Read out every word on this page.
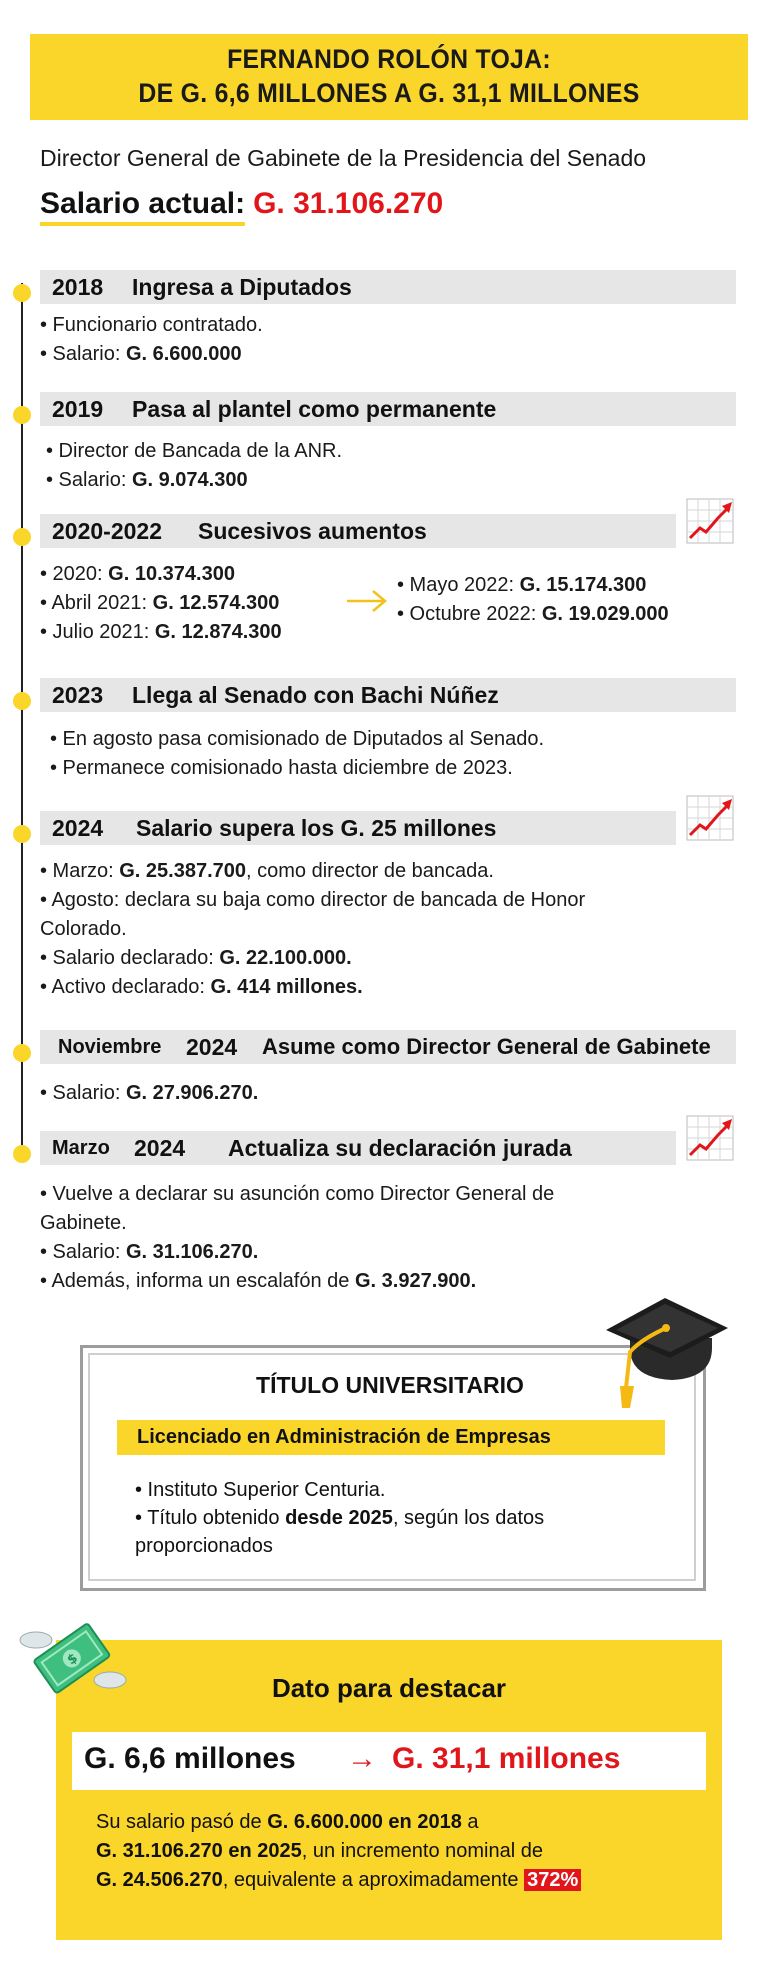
FERNANDO ROLÓN TOJA:
DE G. 6,6 MILLONES A G. 31,1 MILLONES
Director General de Gabinete de la Presidencia del Senado
Salario actual: G. 31.106.270
2018 Ingresa a Diputados
• Funcionario contratado.
• Salario: G. 6.600.000
2019 Pasa al plantel como permanente
• Director de Bancada de la ANR.
• Salario: G. 9.074.300
2020-2022 Sucesivos aumentos
• 2020: G. 10.374.300
• Abril 2021: G. 12.574.300
• Julio 2021: G. 12.874.300
• Mayo 2022: G. 15.174.300
• Octubre 2022: G. 19.029.000
2023 Llega al Senado con Bachi Núñez
• En agosto pasa comisionado de Diputados al Senado.
• Permanece comisionado hasta diciembre de 2023.
2024 Salario supera los G. 25 millones
• Marzo: G. 25.387.700, como director de bancada.
• Agosto: declara su baja como director de bancada de Honor
Colorado.
• Salario declarado: G. 22.100.000.
• Activo declarado: G. 414 millones.
Noviembre 2024 Asume como Director General de Gabinete
• Salario: G. 27.906.270.
Marzo 2024 Actualiza su declaración jurada
• Vuelve a declarar su asunción como Director General de
Gabinete.
• Salario: G. 31.106.270.
• Además, informa un escalafón de G. 3.927.900.
TÍTULO UNIVERSITARIO
Licenciado en Administración de Empresas
• Instituto Superior Centuria.
• Título obtenido desde 2025, según los datos
proporcionados
$
Dato para destacar
G. 6,6 millones → G. 31,1 millones
Su salario pasó de G. 6.600.000 en 2018 a
G. 31.106.270 en 2025, un incremento nominal de
G. 24.506.270, equivalente a aproximadamente 372%
